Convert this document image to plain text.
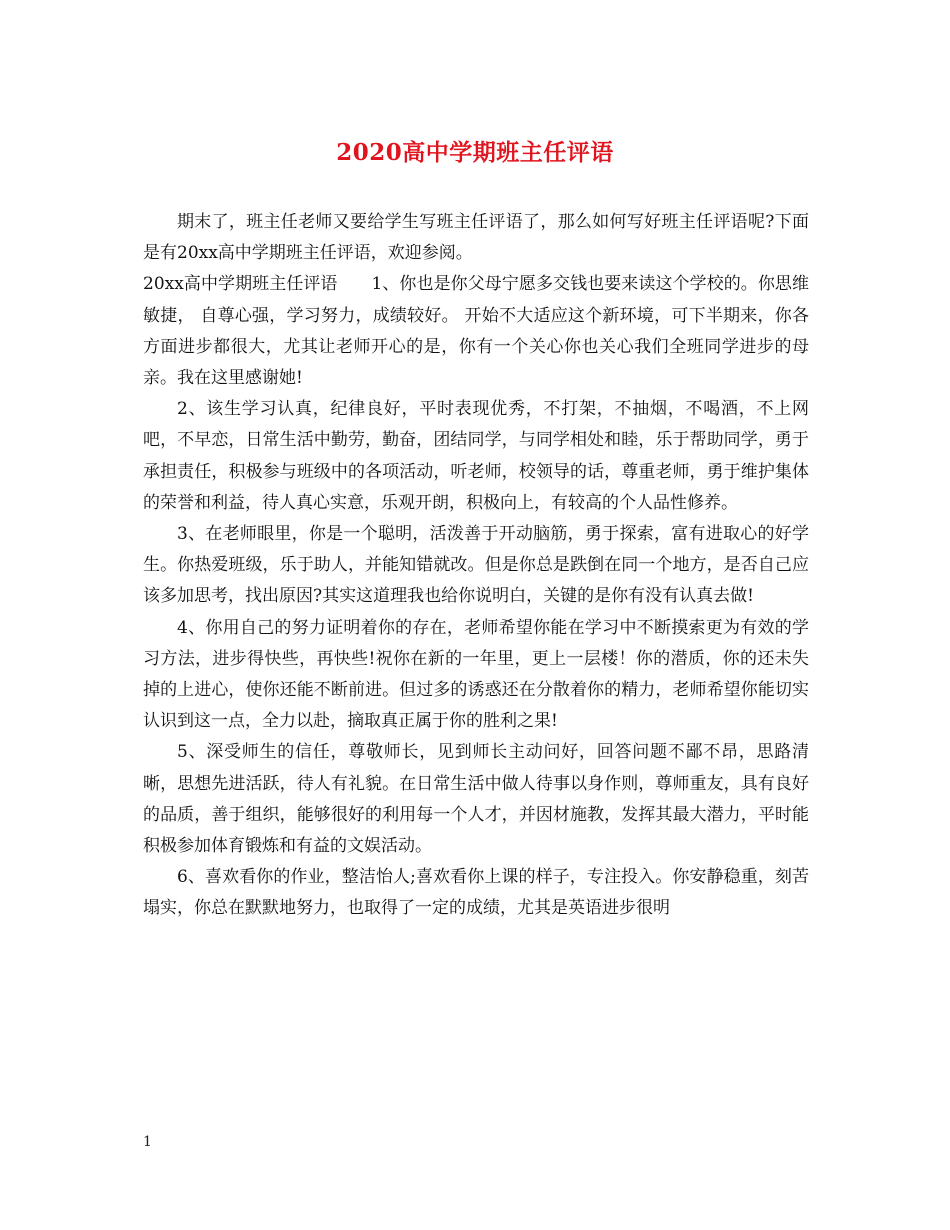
2020高中学期班主任评语

期末了，班主任老师又要给学生写班主任评语了，那么如何写好班主任评语呢?下面是有20xx高中学期班主任评语，欢迎参阅。

20xx高中学期班主任评语 1、你也是你父母宁愿多交钱也要来读这个学校的。你思维敏捷， 自尊心强，学习努力，成绩较好。 开始不大适应这个新环境，可下半期来，你各方面进步都很大，尤其让老师开心的是，你有一个关心你也关心我们全班同学进步的母亲。我在这里感谢她!

2、该生学习认真，纪律良好，平时表现优秀，不打架，不抽烟，不喝酒，不上网吧，不早恋，日常生活中勤劳，勤奋，团结同学，与同学相处和睦，乐于帮助同学，勇于承担责任，积极参与班级中的各项活动，听老师，校领导的话，尊重老师，勇于维护集体的荣誉和利益，待人真心实意，乐观开朗，积极向上，有较高的个人品性修养。

3、在老师眼里，你是一个聪明，活泼善于开动脑筋，勇于探索，富有进取心的好学生。你热爱班级，乐于助人，并能知错就改。但是你总是跌倒在同一个地方，是否自己应该多加思考，找出原因?其实这道理我也给你说明白，关键的是你有没有认真去做!

4、你用自己的努力证明着你的存在，老师希望你能在学习中不断摸索更为有效的学习方法，进步得快些，再快些!祝你在新的一年里，更上一层楼！你的潜质，你的还未失掉的上进心，使你还能不断前进。但过多的诱惑还在分散着你的精力，老师希望你能切实认识到这一点，全力以赴，摘取真正属于你的胜利之果!

5、深受师生的信任，尊敬师长，见到师长主动问好，回答问题不鄙不昂，思路清晰，思想先进活跃，待人有礼貌。在日常生活中做人待事以身作则，尊师重友，具有良好的品质，善于组织，能够很好的利用每一个人才，并因材施教，发挥其最大潜力，平时能积极参加体育锻炼和有益的文娱活动。

6、喜欢看你的作业，整洁怡人;喜欢看你上课的样子，专注投入。你安静稳重，刻苦塌实，你总在默默地努力，也取得了一定的成绩，尤其是英语进步很明

1
